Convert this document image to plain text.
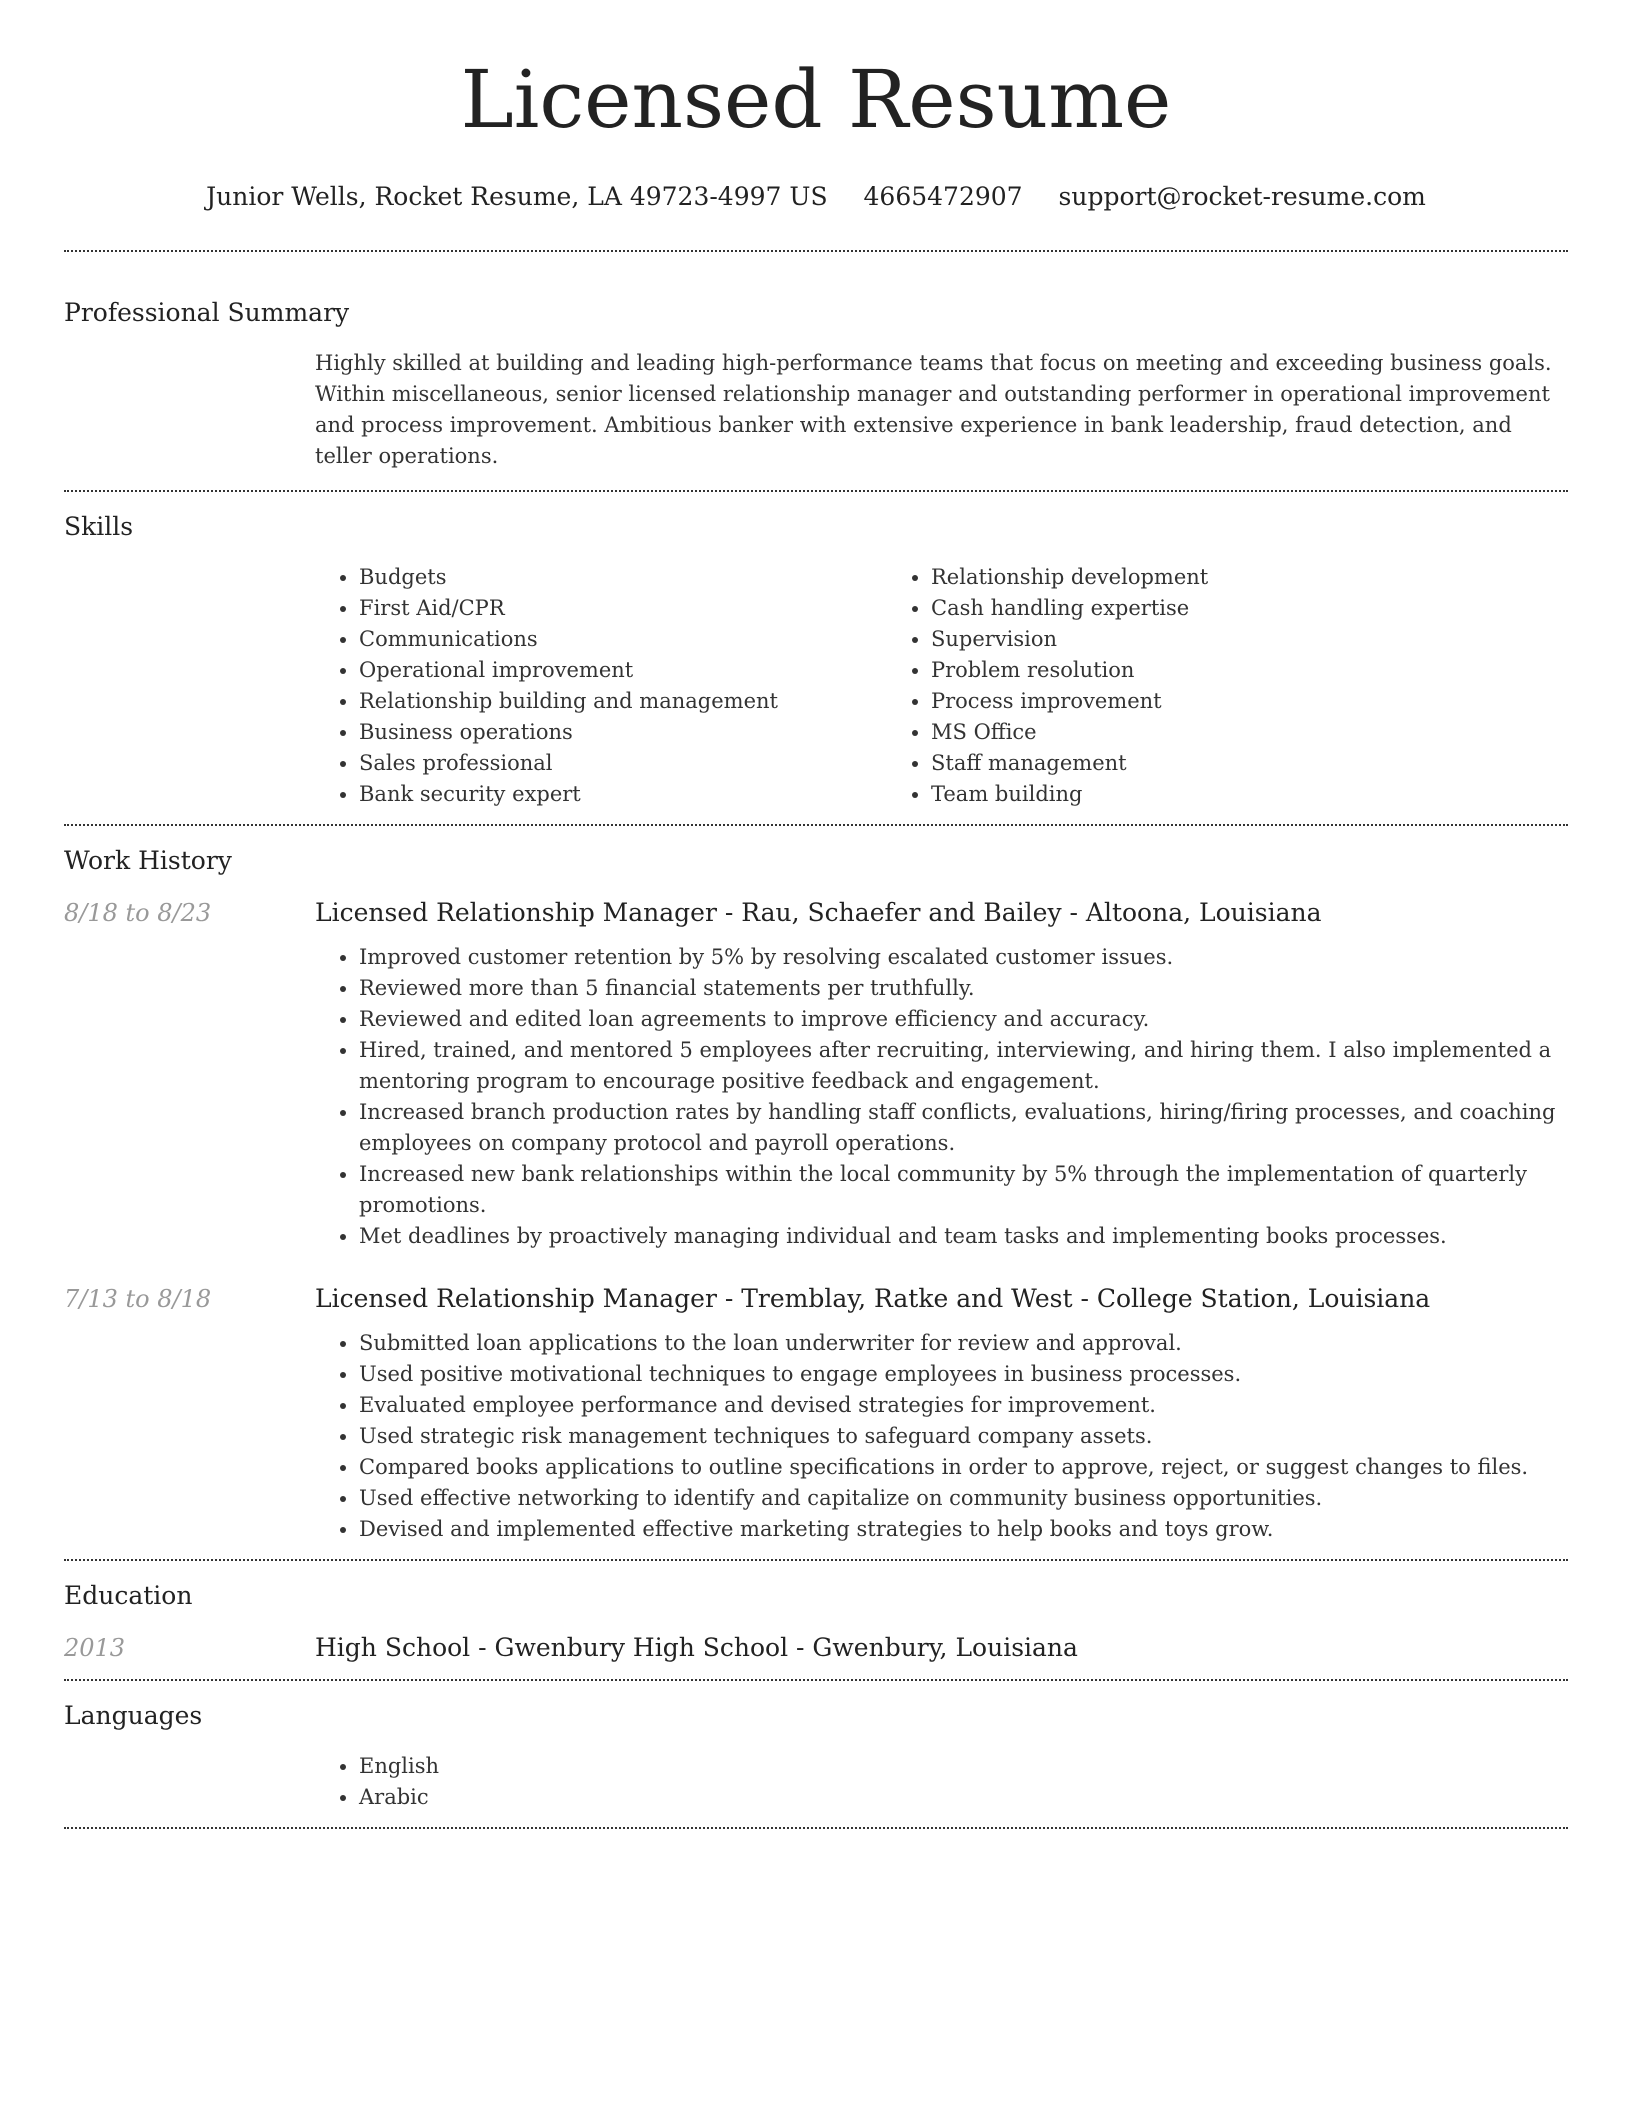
Licensed Resume
Junior Wells, Rocket Resume, LA 49723-4997 US 4665472907 support@rocket-resume.com
Professional Summary

Highly skilled at building and leading high-performance teams that focus on meeting and exceeding business goals. Within miscellaneous, senior licensed relationship manager and outstanding performer in operational improvement and process improvement. Ambitious banker with extensive experience in bank leadership, fraud detection, and teller operations.

Skills
• Budgets
• First Aid/CPR
• Communications
• Operational improvement
• Relationship building and management
• Business operations
• Sales professional
• Bank security expert
• Relationship development
• Cash handling expertise
• Supervision
• Problem resolution
• Process improvement
• MS Office
• Staff management
• Team building
Work History
8/18 to 8/23	Licensed Relationship Manager - Rau, Schaefer and Bailey - Altoona, Louisiana
• Improved customer retention by 5% by resolving escalated customer issues.
• Reviewed more than 5 financial statements per truthfully.
• Reviewed and edited loan agreements to improve efficiency and accuracy.
• Hired, trained, and mentored 5 employees after recruiting, interviewing, and hiring them. I also implemented a mentoring program to encourage positive feedback and engagement.
• Increased branch production rates by handling staff conflicts, evaluations, hiring/firing processes, and coaching employees on company protocol and payroll operations.
• Increased new bank relationships within the local community by 5% through the implementation of quarterly promotions.
• Met deadlines by proactively managing individual and team tasks and implementing books processes.
7/13 to 8/18	Licensed Relationship Manager - Tremblay, Ratke and West - College Station, Louisiana
• Submitted loan applications to the loan underwriter for review and approval.
• Used positive motivational techniques to engage employees in business processes.
• Evaluated employee performance and devised strategies for improvement.
• Used strategic risk management techniques to safeguard company assets.
• Compared books applications to outline specifications in order to approve, reject, or suggest changes to files.
• Used effective networking to identify and capitalize on community business opportunities.
• Devised and implemented effective marketing strategies to help books and toys grow.
Education
2013	High School - Gwenbury High School - Gwenbury, Louisiana
Languages
• English
• Arabic
